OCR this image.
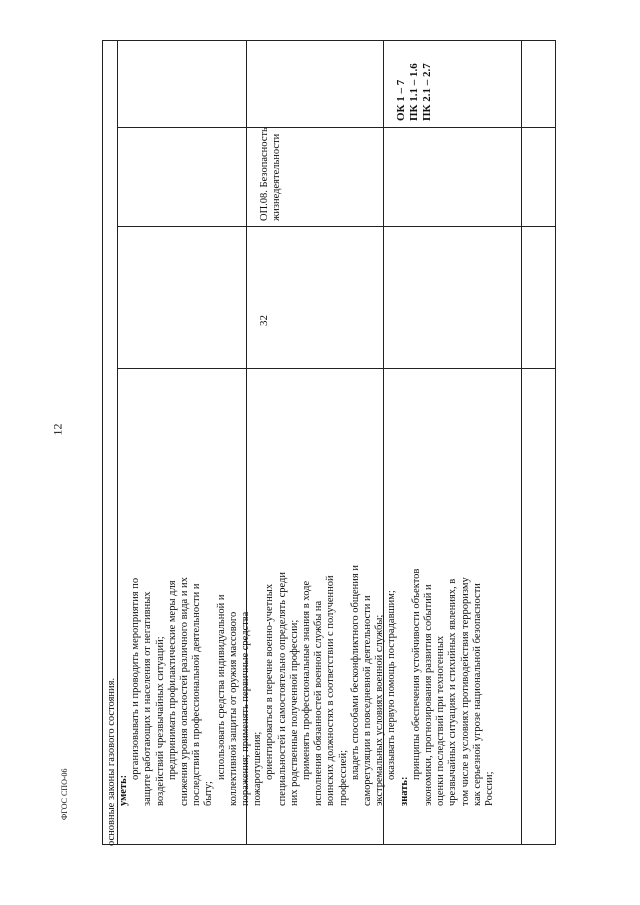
12
основные законы газового состояния. уметь:
организовывать и проводить мероприятия по защите работающих и населения от негативных воздействий чрезвычайных ситуаций; предпринимать профилактические меры для снижения уровня опасностей различного вида и их последствий в профессиональной деятельности и быту;
использовать средства индивидуальной и коллективной защиты от оружия массового поражения; применять первичные средства пожаротушения; ориентироваться в перечне военно-учетных специальностей и самостоятельно определять среди них родственные полученной профессии; применять профессиональные знания в ходе исполнения обязанностей военной службы на воинских должностях в соответствии с полученной профессией; владеть способами бесконфликтного общения и саморегуляции в повседневной деятельности и экстремальных условиях военной службы; оказывать первую помощь пострадавшим;
знать:
принципы обеспечения устойчивости объектов экономики, прогнозирования развития событий и оценки последствий при техногенных чрезвычайных ситуациях и стихийных явлениях, в том числе в условиях противодействия терроризму как серьезной угрозе национальной безопасности России;
32
ОП.08. Безопасность жизнедеятельности
ОК 1 – 7 ПК 1.1 – 1.6 ПК 2.1 – 2.7
ФГОС СПО-06
